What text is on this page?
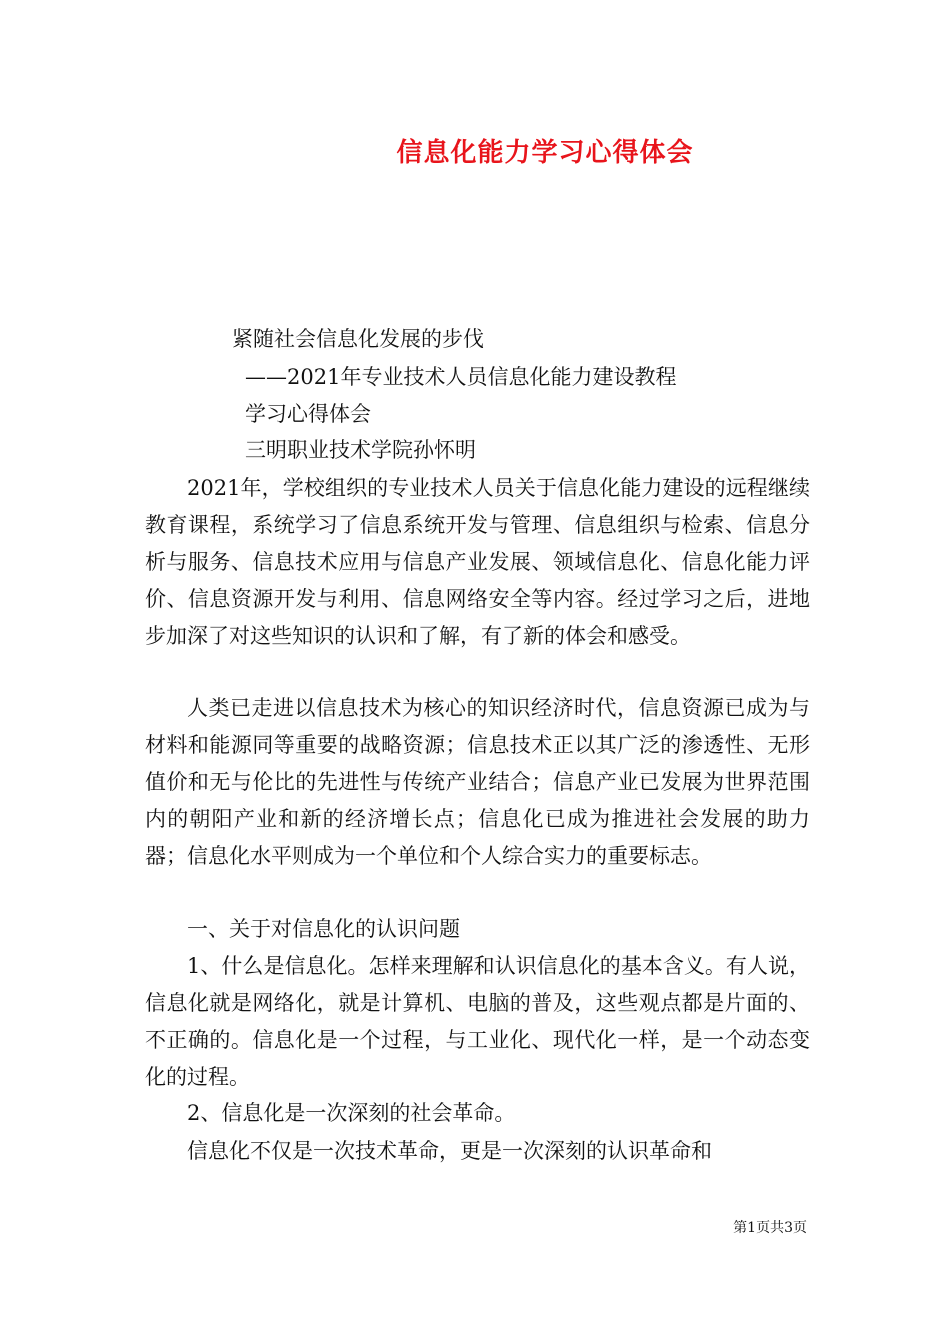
信息化能力学习心得体会
紧随社会信息化发展的步伐
——2021年专业技术人员信息化能力建设教程
学习心得体会
三明职业技术学院孙怀明

2021年，学校组织的专业技术人员关于信息化能力建设的远程继续教育课程，系统学习了信息系统开发与管理、信息组织与检索、信息分析与服务、信息技术应用与信息产业发展、领域信息化、信息化能力评价、信息资源开发与利用、信息网络安全等内容。经过学习之后，进地步加深了对这些知识的认识和了解，有了新的体会和感受。

人类已走进以信息技术为核心的知识经济时代，信息资源已成为与材料和能源同等重要的战略资源；信息技术正以其广泛的渗透性、无形值价和无与伦比的先进性与传统产业结合；信息产业已发展为世界范围内的朝阳产业和新的经济增长点；信息化已成为推进社会发展的助力器；信息化水平则成为一个单位和个人综合实力的重要标志。

一、关于对信息化的认识问题

1、什么是信息化。怎样来理解和认识信息化的基本含义。有人说，信息化就是网络化，就是计算机、电脑的普及，这些观点都是片面的、不正确的。信息化是一个过程，与工业化、现代化一样，是一个动态变化的过程。

2、信息化是一次深刻的社会革命。

信息化不仅是一次技术革命，更是一次深刻的认识革命和

第1页共3页
